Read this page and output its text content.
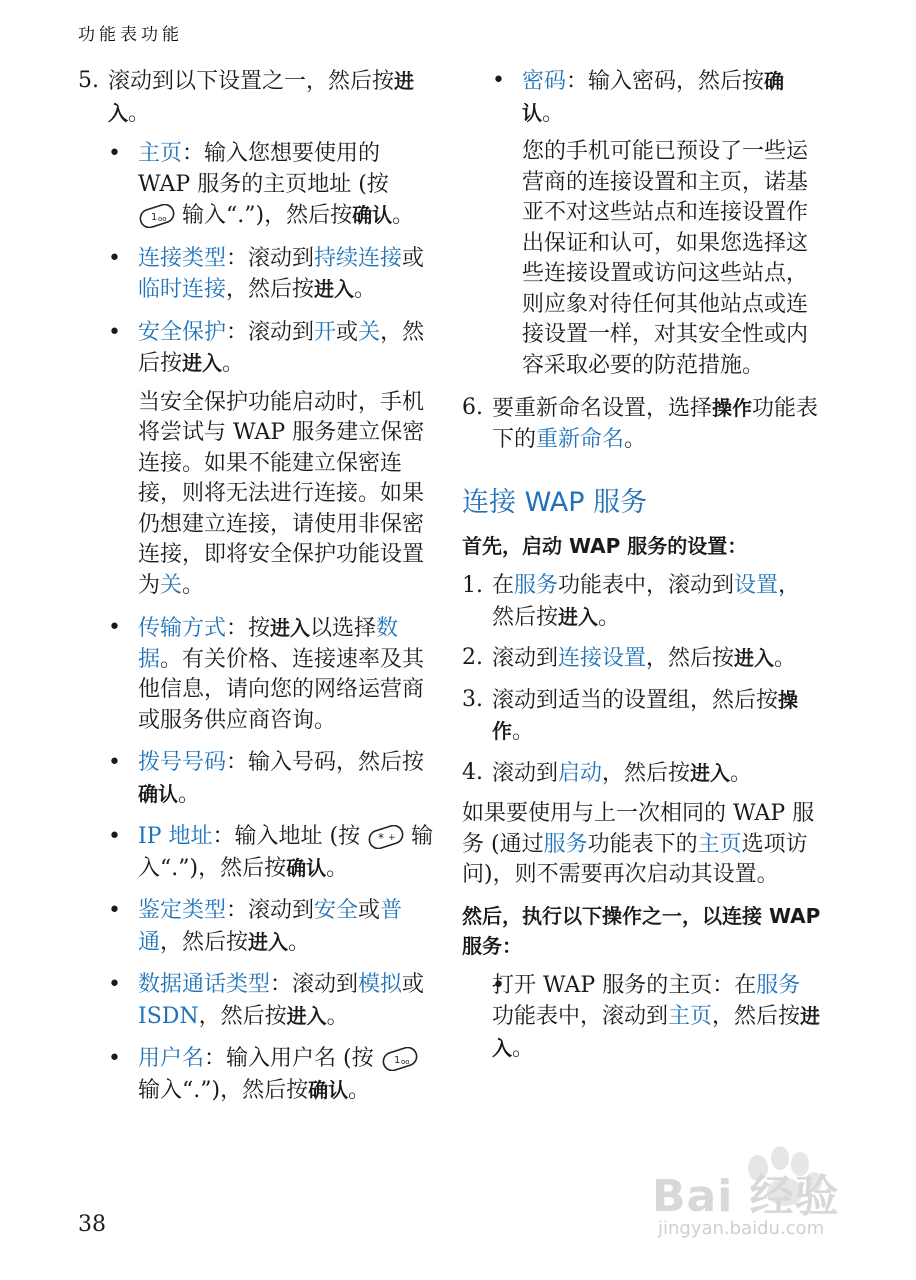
功能表功能
5. 滚动到以下设置之一，然后按进入。
• 主页：输入您想要使用的 WAP 服务的主页地址 (按
1 oo 输入“.”)，然后按确认。
• 连接类型：滚动到持续连接或临时连接，然后按进入。
• 安全保护：滚动到开或关，然后按进入。
当安全保护功能启动时，手机将尝试与 WAP 服务建立保密连接。如果不能建立保密连接，则将无法进行连接。如果仍想建立连接，请使用非保密连接，即将安全保护功能设置为关。
• 传输方式：按进入以选择数据。有关价格、连接速率及其他信息，请向您的网络运营商或服务供应商咨询。
• 拨号号码：输入号码，然后按确认。
• IP 地址：输入地址 (按 * + 输入“.”)，然后按确认。
• 鉴定类型：滚动到安全或普通，然后按进入。
• 数据通话类型：滚动到模拟或ISDN，然后按进入。
• 用户名：输入用户名 (按 1 oo
输入“.”)，然后按确认。
• 密码：输入密码，然后按确认。
您的手机可能已预设了一些运营商的连接设置和主页，诺基亚不对这些站点和连接设置作出保证和认可，如果您选择这些连接设置或访问这些站点，则应象对待任何其他站点或连接设置一样，对其安全性或内容采取必要的防范措施。
6. 要重新命名设置，选择操作功能表下的重新命名。
连接 WAP 服务
首先，启动 WAP 服务的设置：
1. 在服务功能表中，滚动到设置，然后按进入。
2. 滚动到连接设置，然后按进入。
3. 滚动到适当的设置组，然后按操作。
4. 滚动到启动，然后按进入。
如果要使用与上一次相同的 WAP 服务 (通过服务功能表下的主页选项访问)，则不需要再次启动其设置。
然后，执行以下操作之一，以连接 WAP 服务：
• 打开 WAP 服务的主页：在服务功能表中，滚动到主页，然后按进入。
Bai 经验
jingyan.baidu.com
38
